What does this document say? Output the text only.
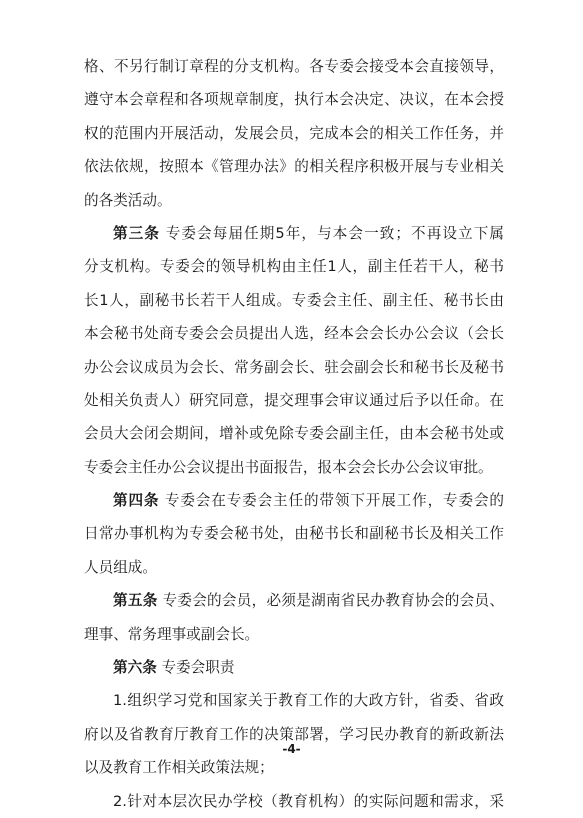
格、不另行制订章程的分支机构。各专委会接受本会直接领导，
遵守本会章程和各项规章制度，执行本会决定、决议，在本会授
权的范围内开展活动，发展会员，完成本会的相关工作任务，并
依法依规，按照本《管理办法》的相关程序积极开展与专业相关
的各类活动。
第三条 专委会每届任期5年，与本会一致；不再设立下属
分支机构。专委会的领导机构由主任1人，副主任若干人，秘书
长1人，副秘书长若干人组成。专委会主任、副主任、秘书长由
本会秘书处商专委会会员提出人选，经本会会长办公会议（会长
办公会议成员为会长、常务副会长、驻会副会长和秘书长及秘书
处相关负责人）研究同意，提交理事会审议通过后予以任命。在
会员大会闭会期间，增补或免除专委会副主任，由本会秘书处或
专委会主任办公会议提出书面报告，报本会会长办公会议审批。
第四条 专委会在专委会主任的带领下开展工作，专委会的
日常办事机构为专委会秘书处，由秘书长和副秘书长及相关工作
人员组成。
第五条 专委会的会员，必须是湖南省民办教育协会的会员、
理事、常务理事或副会长。
第六条 专委会职责
1.组织学习党和国家关于教育工作的大政方针，省委、省政
府以及省教育厅教育工作的决策部署，学习民办教育的新政新法
以及教育工作相关政策法规；
2.针对本层次民办学校（教育机构）的实际问题和需求，采
-4-
